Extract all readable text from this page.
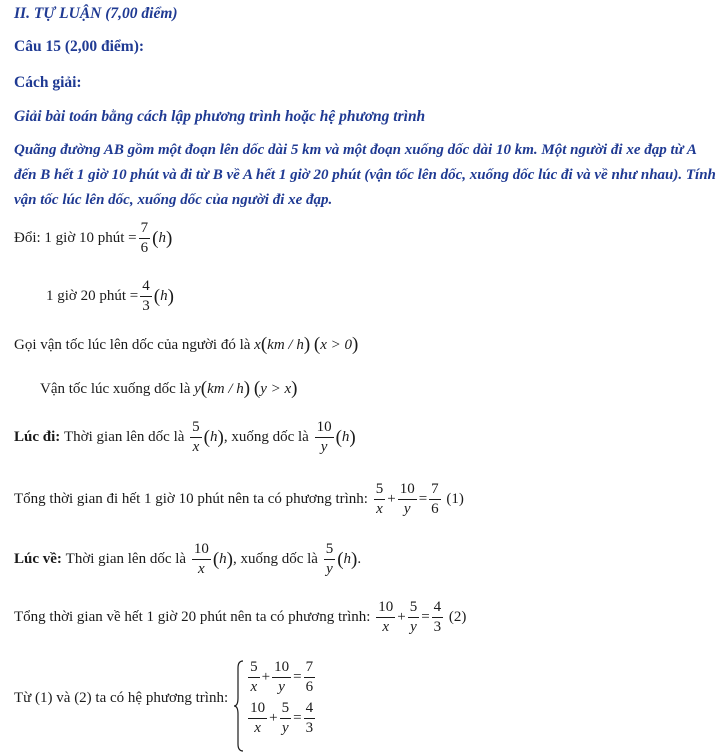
II. TỰ LUẬN (7,00 điểm)
Câu 15 (2,00 điểm):
Cách giải:
Giải bài toán bằng cách lập phương trình hoặc hệ phương trình
Quãng đường AB gồm một đoạn lên dốc dài 5 km và một đoạn xuống dốc dài 10 km. Một người đi xe đạp từ A đến B hết 1 giờ 10 phút và đi từ B về A hết 1 giờ 20 phút (vận tốc lên dốc, xuống dốc lúc đi và về như nhau). Tính vận tốc lúc lên dốc, xuống dốc của người đi xe đạp.
Đổi: 1 giờ 10 phút = $\frac{7}{6}$ ( h )
1 giờ 20 phút = $\frac{4}{3}$ ( h )
Gọi vận tốc lúc lên dốc của người đó là
x ( km / h )
( x > 0 )
Vận tốc lúc xuống dốc là
y ( km / h )
( y > x )
Lúc đi:
Thời gian lên dốc là
$\frac{5}{x}$ ( h ) , xuống dốc là
$\frac{10}{y}$ ( h )
Tổng thời gian đi hết 1 giờ 10 phút nên ta có phương trình:
$\frac{5}{x} + \frac{10}{y} = \frac{7}{6}$
(1)
Lúc về:
Thời gian lên dốc là
$\frac{10}{x}$ ( h ) , xuống dốc là
$\frac{5}{y}$ ( h ) .
Tổng thời gian về hết 1 giờ 20 phút nên ta có phương trình:
$\frac{10}{x} + \frac{5}{y} = \frac{4}{3}$
(2)
Từ (1) và (2) ta có hệ phương trình:
$\frac{5}{x} + \frac{10}{y} = \frac{7}{6}$
$\frac{10}{x} + \frac{5}{y} = \frac{4}{3}$
